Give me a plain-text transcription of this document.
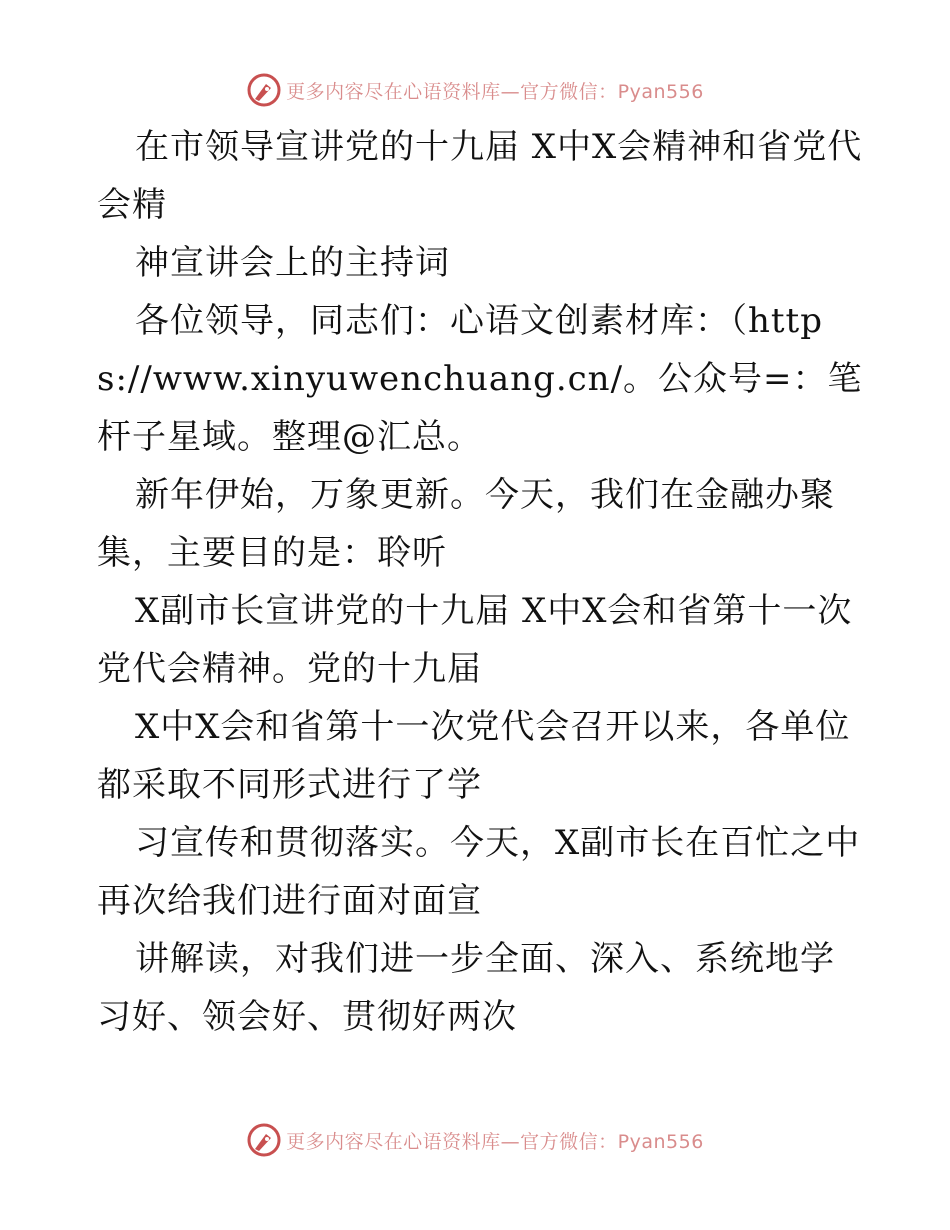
更多内容尽在心语资料库—官方微信：Pyan556

在市领导宣讲党的十九届 X中X会精神和省党代会精

神宣讲会上的主持词

各位领导，同志们：心语文创素材库：（https://www.xinyuwenchuang.cn/。公众号=：笔杆子星域。整理@汇总。

新年伊始，万象更新。今天，我们在金融办聚集，主要目的是：聆听

X副市长宣讲党的十九届 X中X会和省第十一次党代会精神。党的十九届

X中X会和省第十一次党代会召开以来，各单位都采取不同形式进行了学

习宣传和贯彻落实。今天，X副市长在百忙之中再次给我们进行面对面宣

讲解读，对我们进一步全面、深入、系统地学习好、领会好、贯彻好两次

更多内容尽在心语资料库—官方微信：Pyan556
